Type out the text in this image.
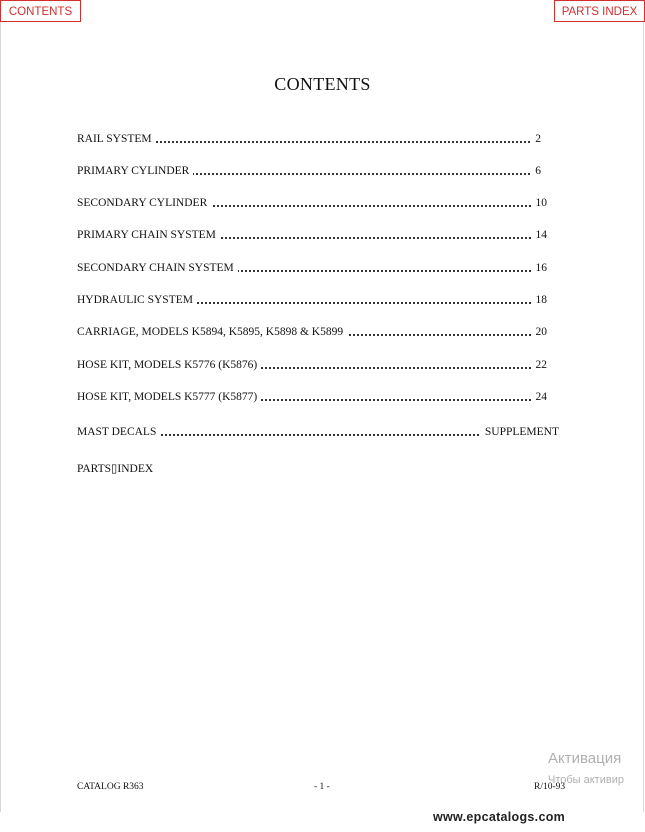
CONTENTS	PARTS INDEX
CONTENTS
RAIL SYSTEM	2
PRIMARY CYLINDER	6
SECONDARY CYLINDER	10
PRIMARY CHAIN SYSTEM	14
SECONDARY CHAIN SYSTEM	16
HYDRAULIC SYSTEM	18
CARRIAGE, MODELS K5894, K5895, K5898 & K5899	20
HOSE KIT, MODELS K5776 (K5876)	22
HOSE KIT, MODELS K5777 (K5877)	24
MAST DECALS	SUPPLEMENT
PARTS▯INDEX
CATALOG R363	- 1 -	R/10-93
Активация
Чтобы активир
www.epcatalogs.com
